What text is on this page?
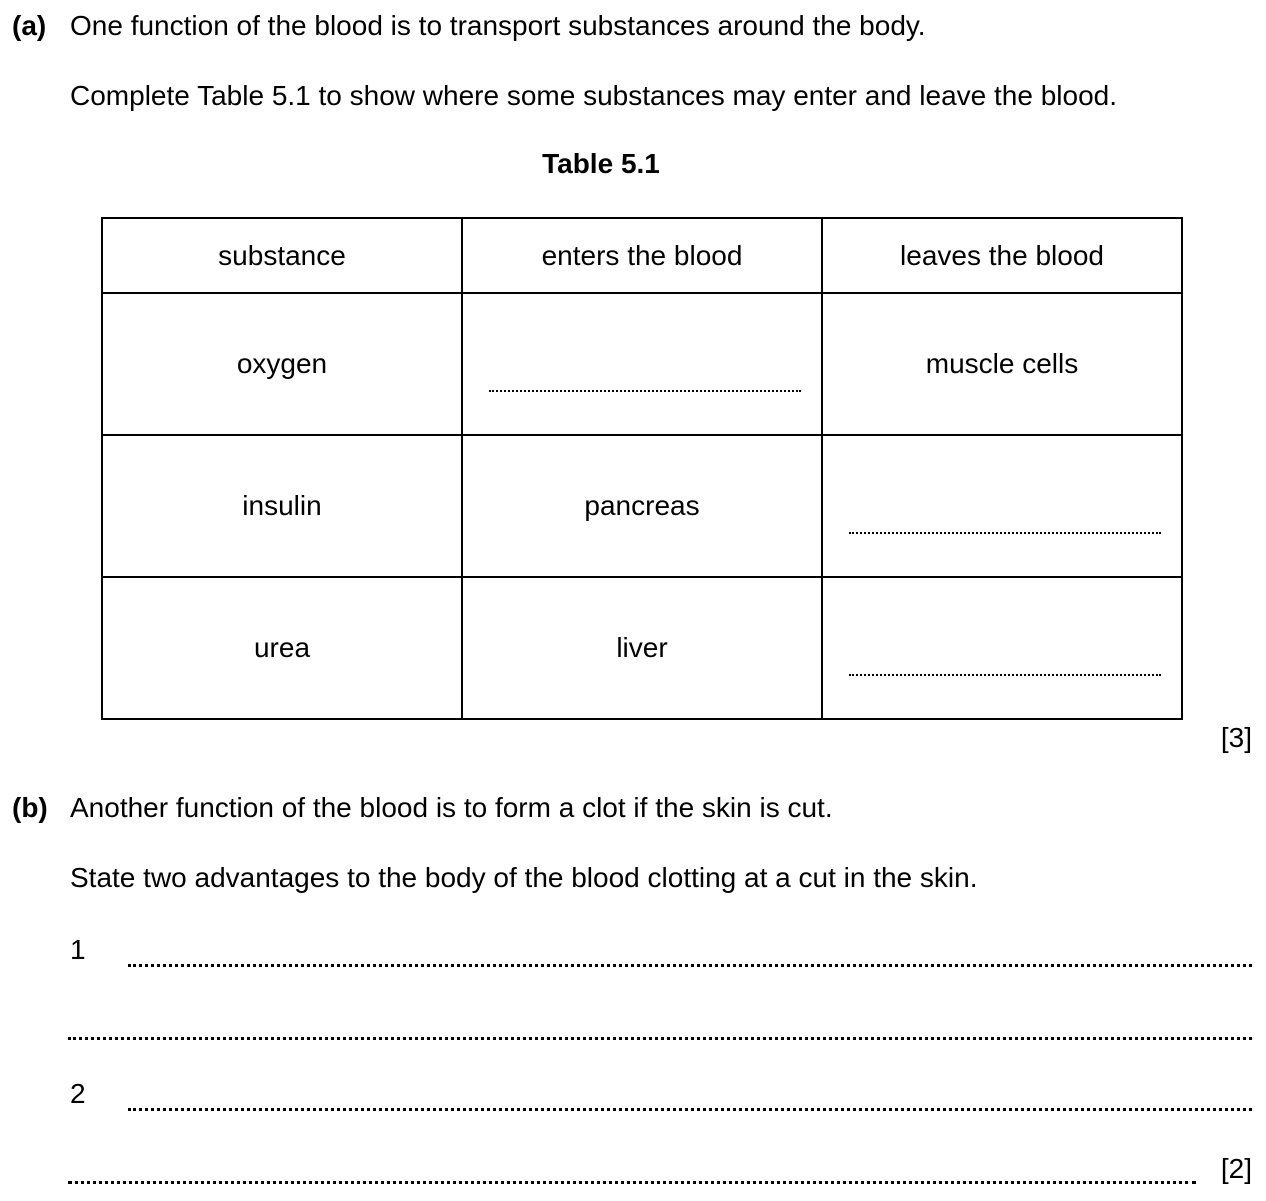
(a) One function of the blood is to transport substances around the body.
Complete Table 5.1 to show where some substances may enter and leave the blood.
Table 5.1
substance	enters the blood	leaves the blood

oxygen		muscle cells

insulin	pancreas	

urea	liver	

[3]
(b) Another function of the blood is to form a clot if the skin is cut.
State two advantages to the body of the blood clotting at a cut in the skin.
1
2
[2]
